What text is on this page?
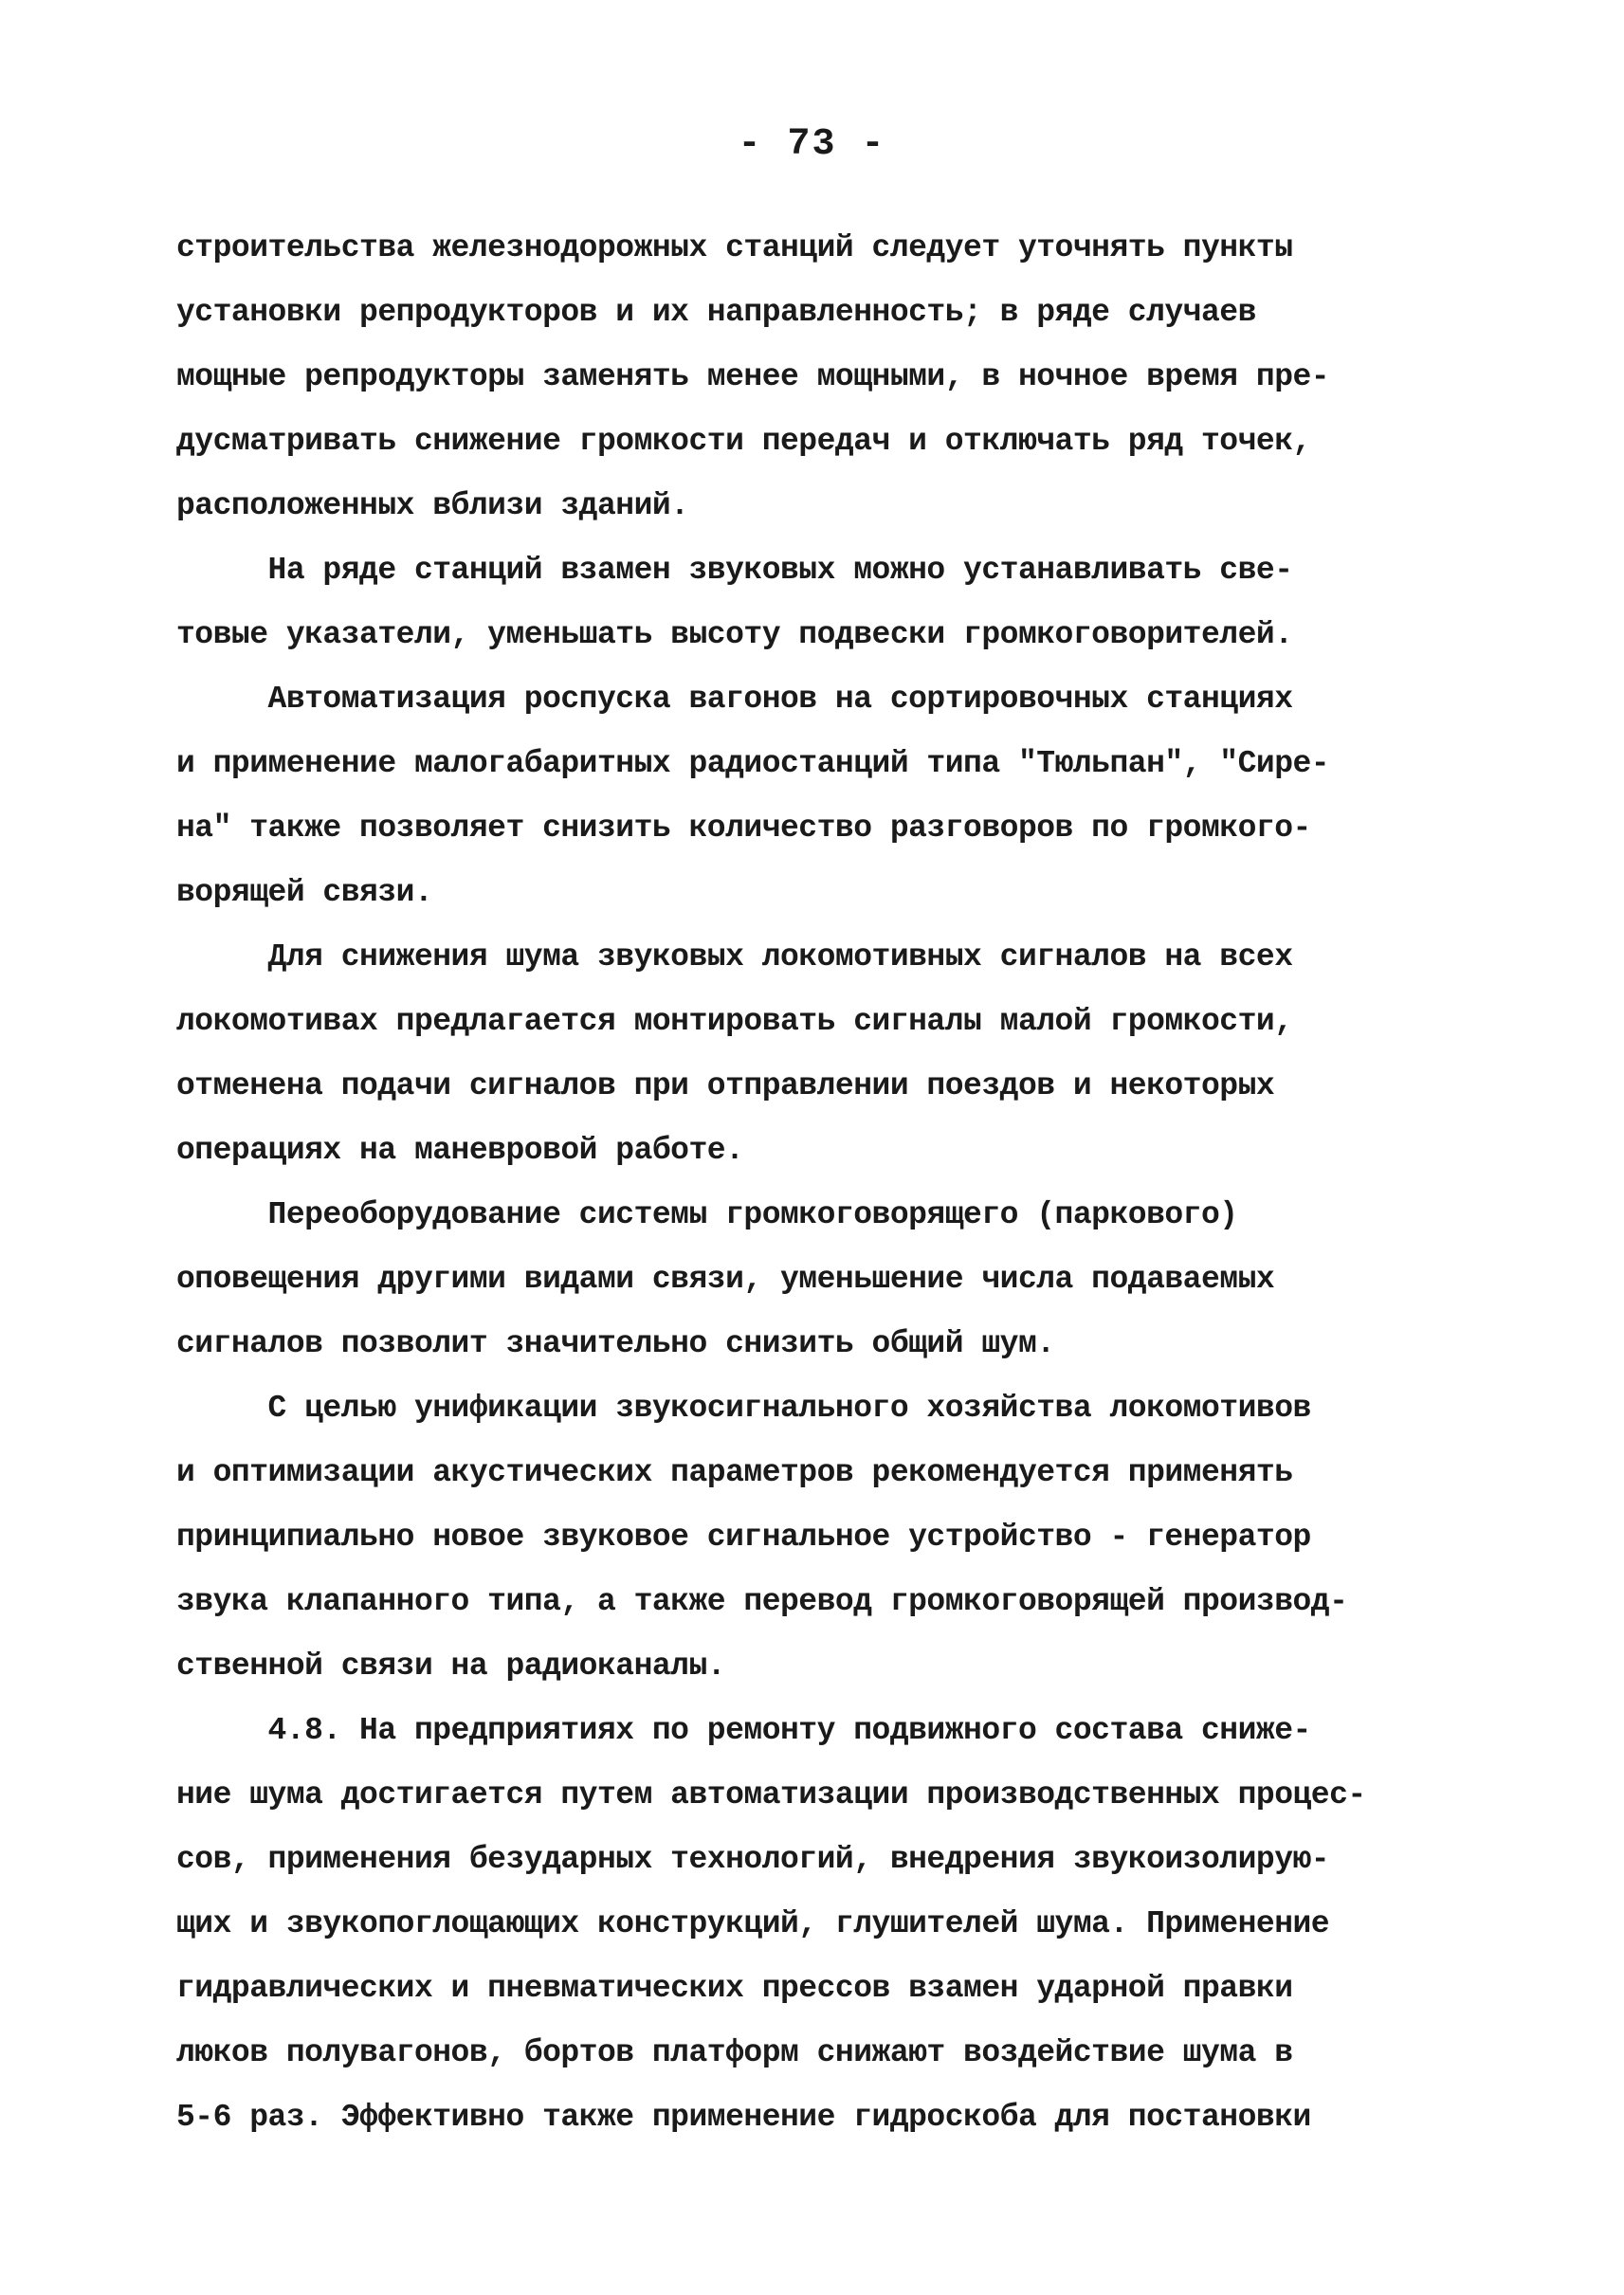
- 73 -
строительства железнодорожных станций следует уточнять пункты
установки репродукторов и их направленность; в ряде случаев
мощные репродукторы заменять менее мощными, в ночное время пре-
дусматривать снижение громкости передач и отключать ряд точек,
расположенных вблизи зданий.
На ряде станций взамен звуковых можно устанавливать све-
товые указатели, уменьшать высоту подвески громкоговорителей.
Автоматизация роспуска вагонов на сортировочных станциях
и применение малогабаритных радиостанций типа "Тюльпан", "Сире-
на" также позволяет снизить количество разговоров по громкого-
ворящей связи.
Для снижения шума звуковых локомотивных сигналов на всех
локомотивах предлагается монтировать сигналы малой громкости,
отменена подачи сигналов при отправлении поездов и некоторых
операциях на маневровой работе.
Переоборудование системы громкоговорящего (паркового)
оповещения другими видами связи, уменьшение числа подаваемых
сигналов позволит значительно снизить общий шум.
С целью унификации звукосигнального хозяйства локомотивов
и оптимизации акустических параметров рекомендуется применять
принципиально новое звуковое сигнальное устройство - генератор
звука клапанного типа, а также перевод громкоговорящей производ-
ственной связи на радиоканалы.
4.8. На предприятиях по ремонту подвижного состава сниже-
ние шума достигается путем автоматизации производственных процес-
сов, применения безударных технологий, внедрения звукоизолирую-
щих и звукопоглощающих конструкций, глушителей шума. Применение
гидравлических и пневматических прессов взамен ударной правки
люков полувагонов, бортов платформ снижают воздействие шума в
5-6 раз. Эффективно также применение гидроскоба для постановки
